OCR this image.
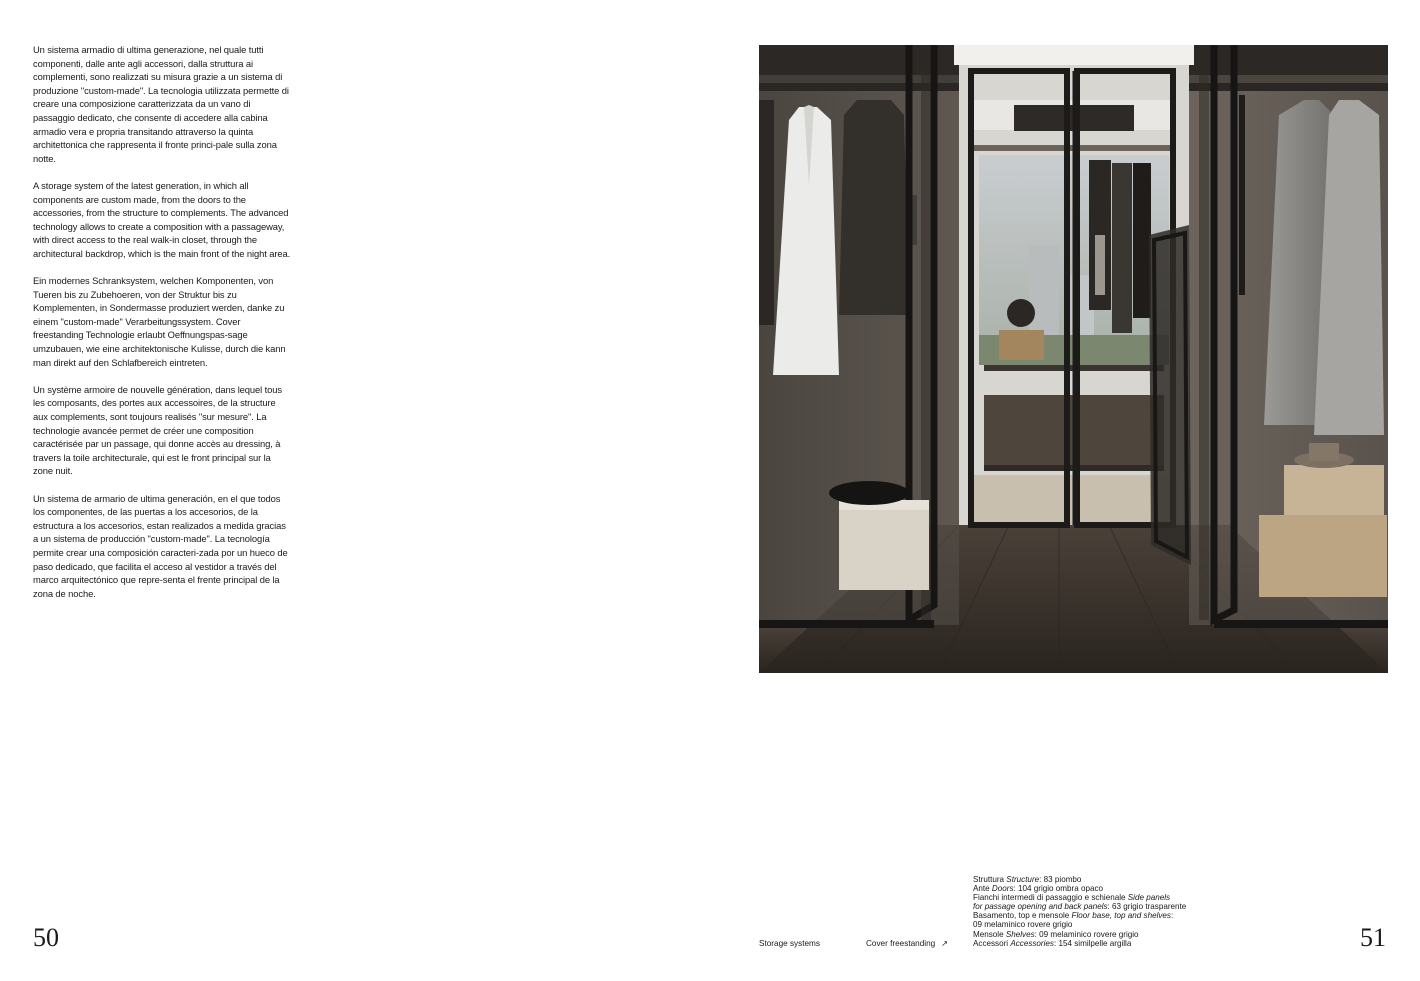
Un sistema armadio di ultima generazione, nel quale tutti componenti, dalle ante agli accessori, dalla struttura ai complementi, sono realizzati su misura grazie a un sistema di produzione "custom-made". La tecnologia utilizzata permette di creare una composizione caratterizzata da un vano di passaggio dedicato, che consente di accedere alla cabina armadio vera e propria transitando attraverso la quinta architettonica che rappresenta il fronte princi-pale sulla zona notte.

A storage system of the latest generation, in which all components are custom made, from the doors to the accessories, from the structure to complements. The advanced technology allows to create a composition with a passageway, with direct access to the real walk-in closet, through the architectural backdrop, which is the main front of the night area.

Ein modernes Schranksystem, welchen Komponenten, von Tueren bis zu Zubehoeren, von der Struktur bis zu Komplementen, in Sondermasse produziert werden, danke zu einem "custom-made" Verarbeitungssystem. Cover freestanding Technologie erlaubt Oeffnungspas-sage umzubauen, wie eine architektonische Kulisse, durch die kann man direkt auf den Schlafbereich eintreten.

Un système armoire de nouvelle génération, dans lequel tous les composants, des portes aux accessoires, de la structure aux complements, sont toujours realisés "sur mesure". La technologie avancée permet de créer une composition caractérisée par un passage, qui donne accès au dressing, à travers la toile architecturale, qui est le front principal sur la zone nuit.

Un sistema de armario de ultima generación, en el que todos los componentes, de las puertas a los accesorios, de la estructura a los accesorios, estan realizados a medida gracias a un sistema de producción "custom-made". La tecnología permite crear una composición caracteri-zada por un hueco de paso dedicado, que facilita el acceso al vestidor a través del marco arquitectónico que repre-senta el frente principal de la zona de noche.

50	Storage systems	Cover freestanding ↗
Struttura Structure: 83 piombo
Ante Doors: 104 grigio ombra opaco
Fianchi intermedi di passaggio e schienale Side panels
for passage opening and back panels: 63 grigio trasparente
Basamento, top e mensole Floor base, top and shelves:
09 melaminico rovere grigio
Mensole Shelves: 09 melaminico rovere grigio
Accessori Accessories: 154 similpelle argilla	51
